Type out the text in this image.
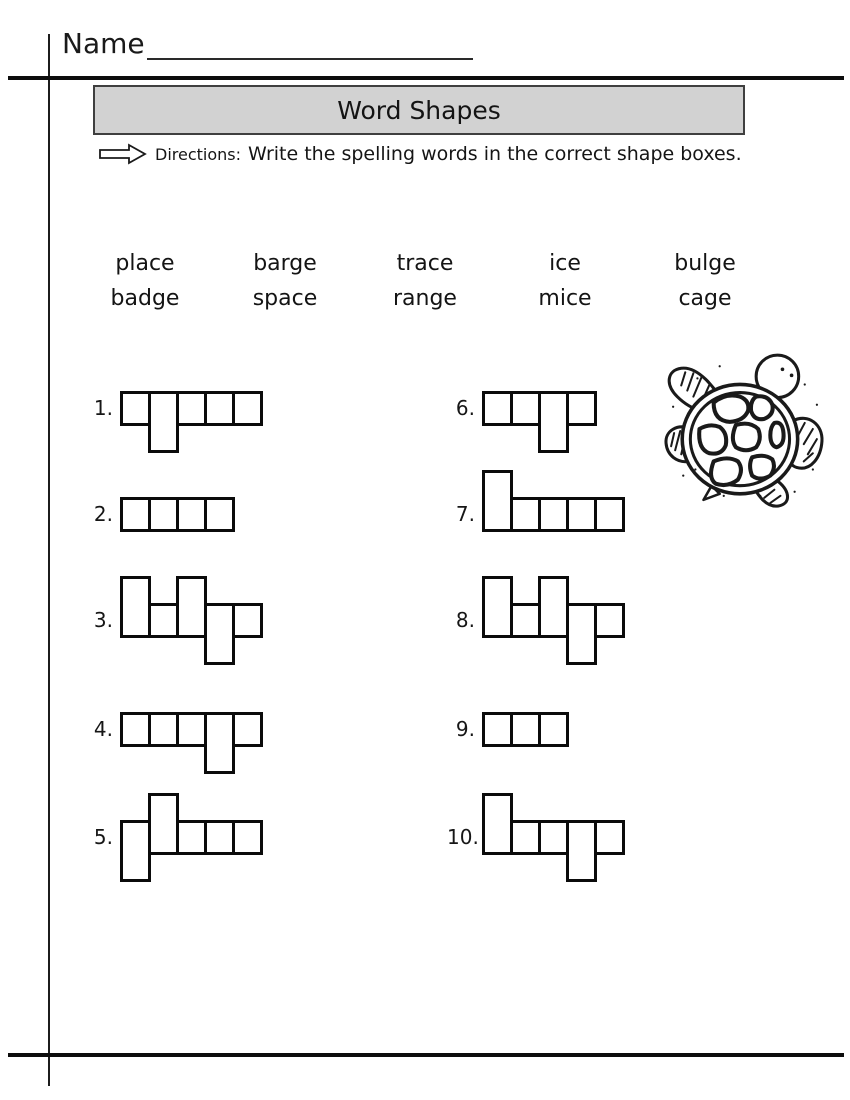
Name
Word Shapes
Directions: Write the spelling words in the correct shape boxes.
place	barge	trace	ice	bulge
badge	space	range	mice	cage
1.
2.
3.
4.
5.
6.
7.
8.
9.
10.
